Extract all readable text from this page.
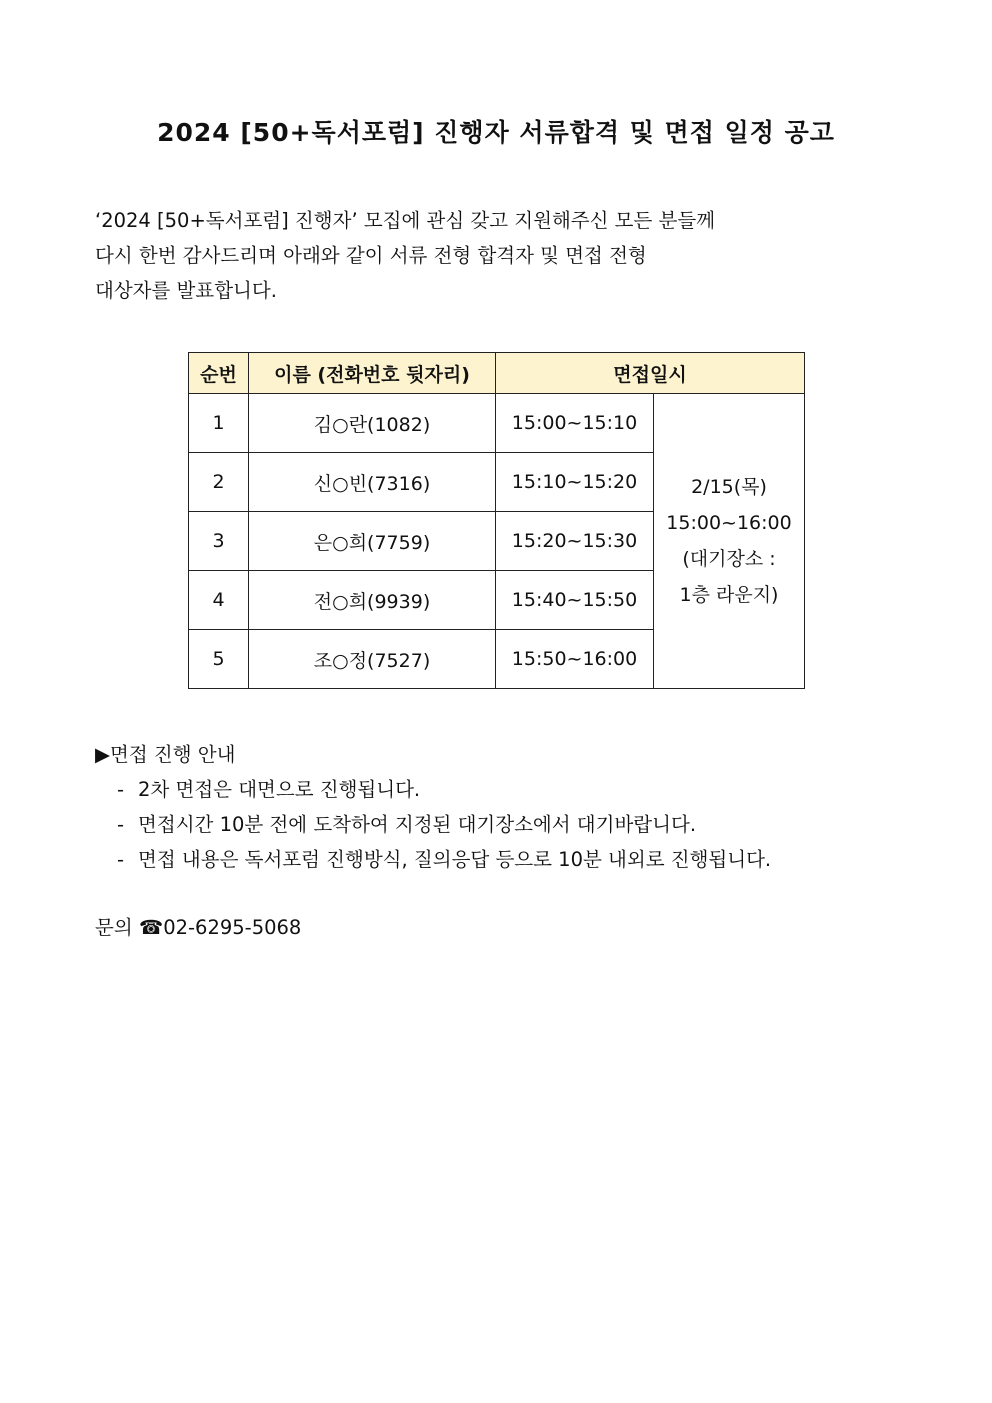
2024 [50+독서포럼] 진행자 서류합격 및 면접 일정 공고

‘2024 [50+독서포럼] 진행자’ 모집에 관심 갖고 지원해주신 모든 분들께

다시 한번 감사드리며 아래와 같이 서류 전형 합격자 및 면접 전형

대상자를 발표합니다.

순번	이름 (전화번호 뒷자리)	면접일시	
1	김○란(1082)	15:00~15:10	2/15(목)
15:00~16:00
(대기장소 :
1층 라운지)

2	신○빈(7316)	15:10~15:20	
3	은○희(7759)	15:20~15:30	
4	전○희(9939)	15:40~15:50	
5	조○정(7527)	15:50~16:00	

▶면접 진행 안내

- 2차 면접은 대면으로 진행됩니다.
- 면접시간 10분 전에 도착하여 지정된 대기장소에서 대기바랍니다.
- 면접 내용은 독서포럼 진행방식, 질의응답 등으로 10분 내외로 진행됩니다.

문의 ☎02-6295-5068
